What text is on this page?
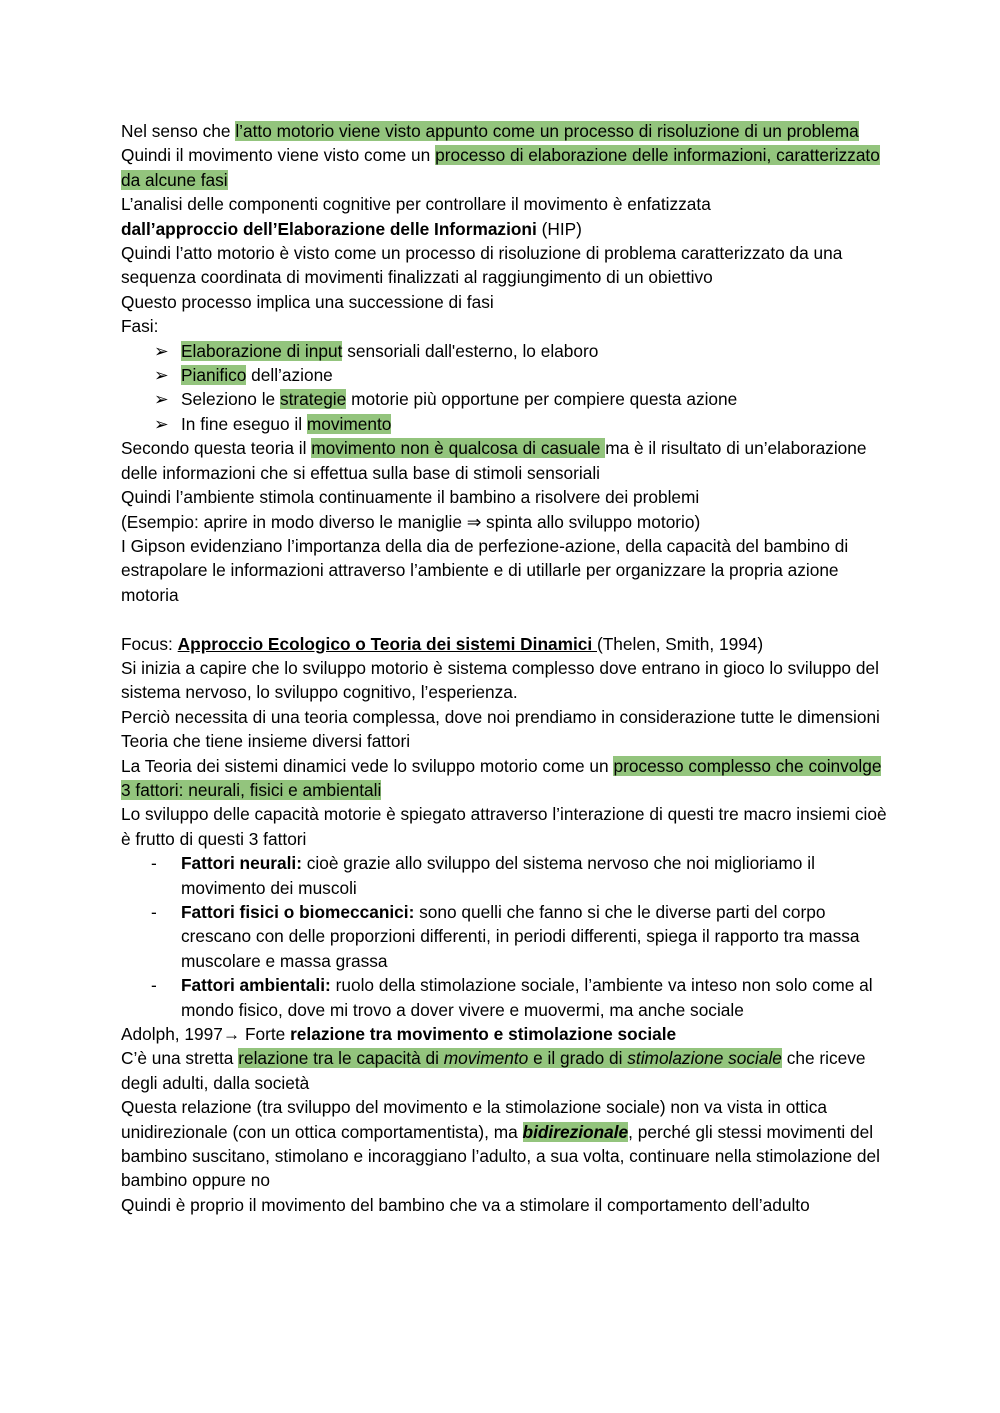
Nel senso che l’atto motorio viene visto appunto come un processo di risoluzione di un problema

Quindi il movimento viene visto come un processo di elaborazione delle informazioni, caratterizzato da alcune fasi

L’analisi delle componenti cognitive per controllare il movimento è enfatizzata

dall’approccio dell’Elaborazione delle Informazioni (HIP)

Quindi l’atto motorio è visto come un processo di risoluzione di problema caratterizzato da una sequenza coordinata di movimenti finalizzati al raggiungimento di un obiettivo

Questo processo implica una successione di fasi

Fasi:

➢ Elaborazione di input sensoriali dall'esterno, lo elaboro
➢ Pianifico dell’azione
➢ Seleziono le strategie motorie più opportune per compiere questa azione
➢ In fine eseguo il movimento

Secondo questa teoria il movimento non è qualcosa di casuale ma è il risultato di un’elaborazione delle informazioni che si effettua sulla base di stimoli sensoriali

Quindi l’ambiente stimola continuamente il bambino a risolvere dei problemi

(Esempio: aprire in modo diverso le maniglie ⇒ spinta allo sviluppo motorio)

I Gipson evidenziano l’importanza della dia de perfezione-azione, della capacità del bambino di estrapolare le informazioni attraverso l’ambiente e di utillarle per organizzare la propria azione motoria

Focus: Approccio Ecologico o Teoria dei sistemi Dinamici (Thelen, Smith, 1994)

Si inizia a capire che lo sviluppo motorio è sistema complesso dove entrano in gioco lo sviluppo del sistema nervoso, lo sviluppo cognitivo, l’esperienza.

Perciò necessita di una teoria complessa, dove noi prendiamo in considerazione tutte le dimensioni

Teoria che tiene insieme diversi fattori

La Teoria dei sistemi dinamici vede lo sviluppo motorio come un processo complesso che coinvolge 3 fattori: neurali, fisici e ambientali

Lo sviluppo delle capacità motorie è spiegato attraverso l’interazione di questi tre macro insiemi cioè è frutto di questi 3 fattori

- Fattori neurali: cioè grazie allo sviluppo del sistema nervoso che noi miglioriamo il movimento dei muscoli
- Fattori fisici o biomeccanici: sono quelli che fanno si che le diverse parti del corpo crescano con delle proporzioni differenti, in periodi differenti, spiega il rapporto tra massa muscolare e massa grassa
- Fattori ambientali: ruolo della stimolazione sociale, l’ambiente va inteso non solo come al mondo fisico, dove mi trovo a dover vivere e muovermi, ma anche sociale

Adolph, 1997→ Forte relazione tra movimento e stimolazione sociale

C’è una stretta relazione tra le capacità di movimento e il grado di stimolazione sociale che riceve degli adulti, dalla società

Questa relazione (tra sviluppo del movimento e la stimolazione sociale) non va vista in ottica unidirezionale (con un ottica comportamentista), ma bidirezionale, perché gli stessi movimenti del bambino suscitano, stimolano e incoraggiano l’adulto, a sua volta, continuare nella stimolazione del bambino oppure no

Quindi è proprio il movimento del bambino che va a stimolare il comportamento dell’adulto
